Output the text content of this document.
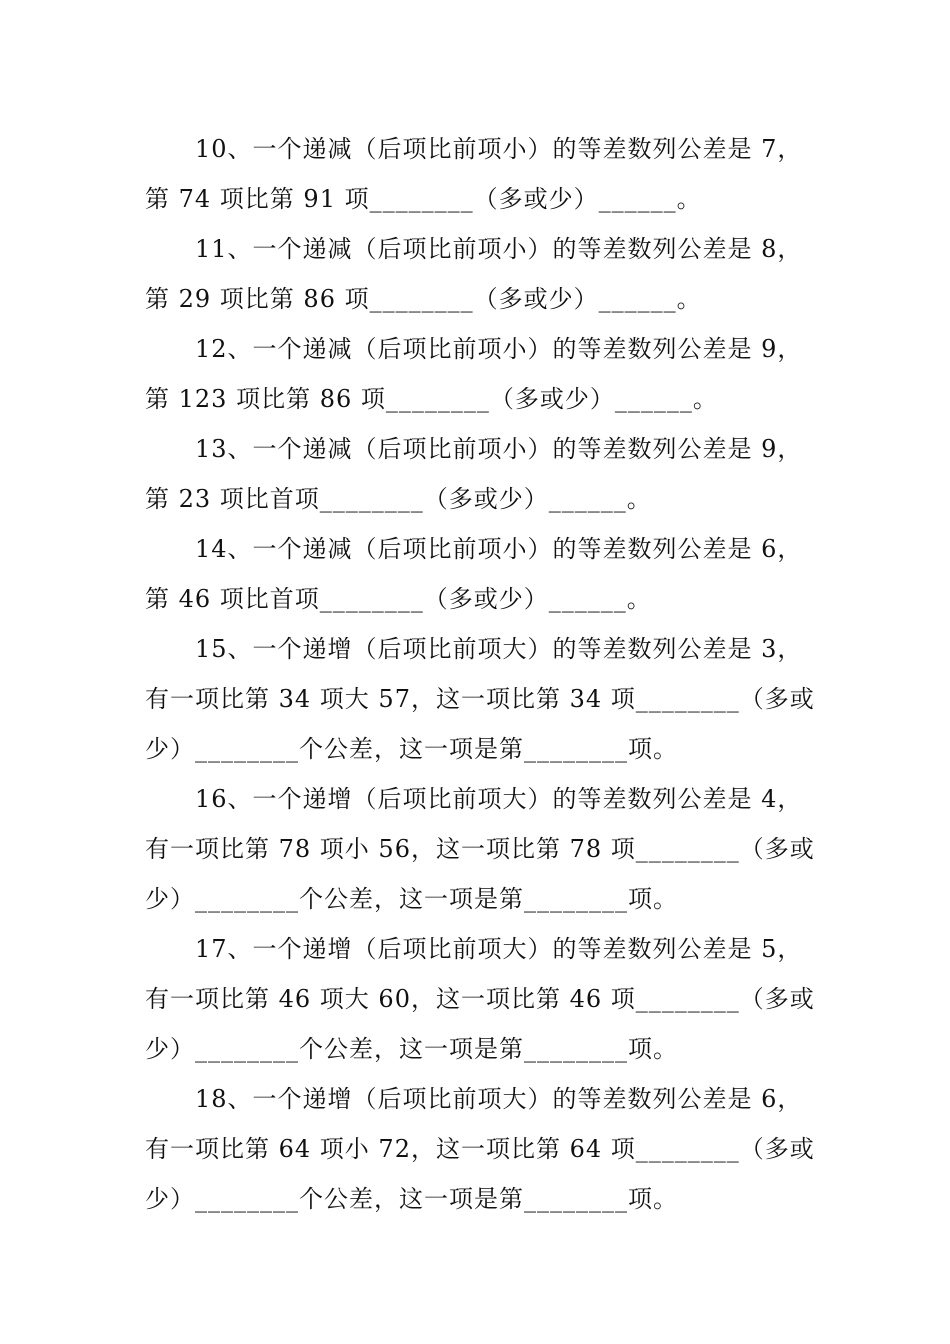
10、一个递减（后项比前项小）的等差数列公差是 7，
第 74 项比第 91 项________（多或少）______。
11、一个递减（后项比前项小）的等差数列公差是 8，
第 29 项比第 86 项________（多或少）______。
12、一个递减（后项比前项小）的等差数列公差是 9，
第 123 项比第 86 项________（多或少）______。
13、一个递减（后项比前项小）的等差数列公差是 9，
第 23 项比首项________（多或少）______。
14、一个递减（后项比前项小）的等差数列公差是 6，
第 46 项比首项________（多或少）______。
15、一个递增（后项比前项大）的等差数列公差是 3，
有一项比第 34 项大 57，这一项比第 34 项________（多或
少）________个公差，这一项是第________项。
16、一个递增（后项比前项大）的等差数列公差是 4，
有一项比第 78 项小 56，这一项比第 78 项________（多或
少）________个公差，这一项是第________项。
17、一个递增（后项比前项大）的等差数列公差是 5，
有一项比第 46 项大 60，这一项比第 46 项________（多或
少）________个公差，这一项是第________项。
18、一个递增（后项比前项大）的等差数列公差是 6，
有一项比第 64 项小 72，这一项比第 64 项________（多或
少）________个公差，这一项是第________项。
